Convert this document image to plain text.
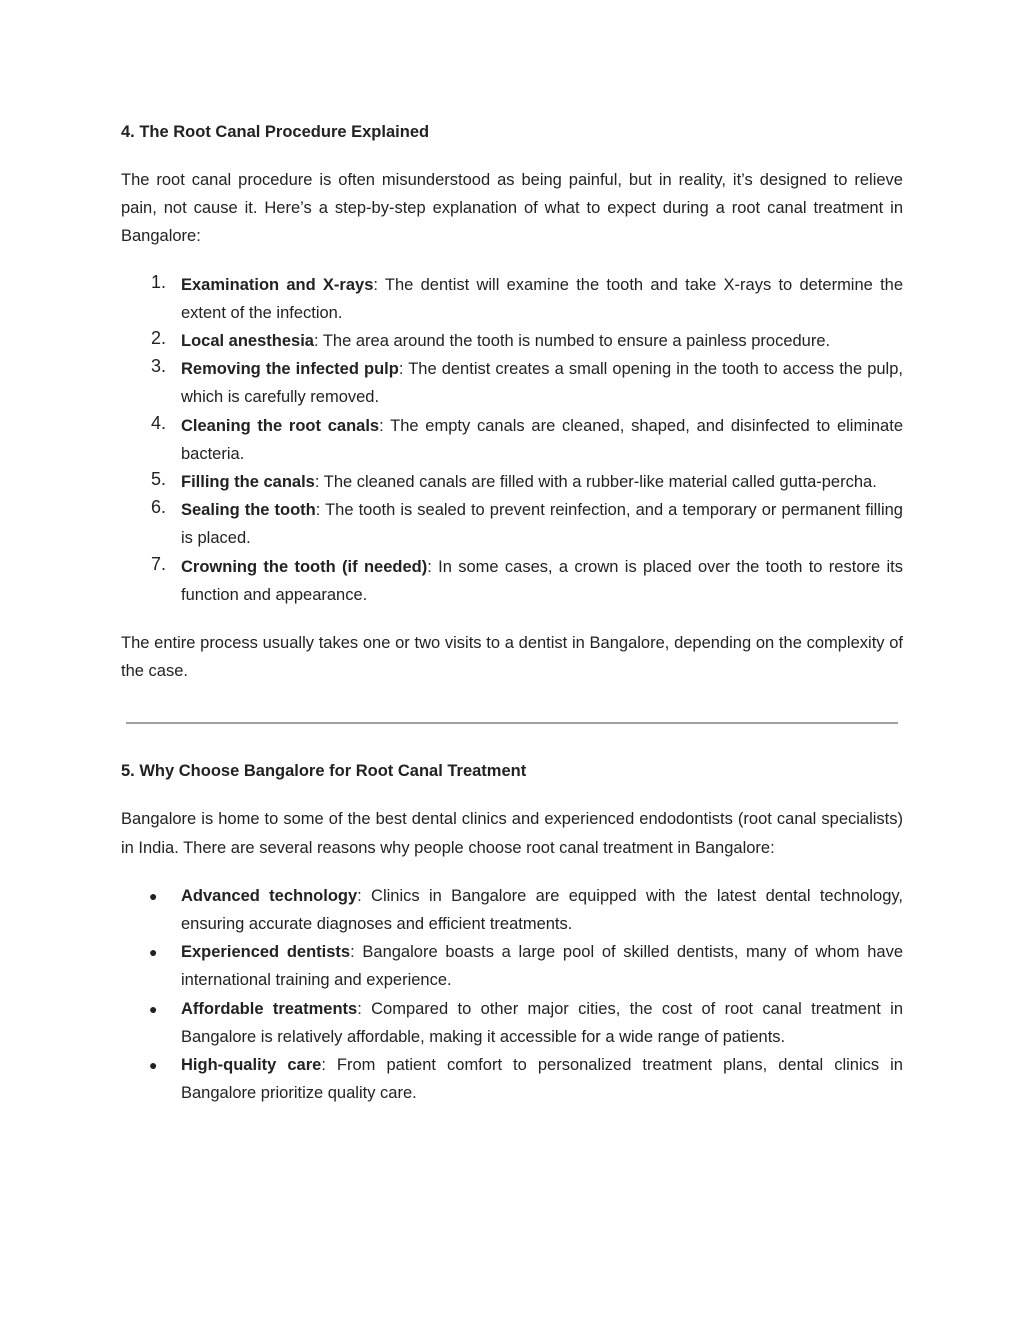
4. The Root Canal Procedure Explained

The root canal procedure is often misunderstood as being painful, but in reality, it’s designed to relieve pain, not cause it. Here’s a step-by-step explanation of what to expect during a root canal treatment in Bangalore:

1. Examination and X-rays: The dentist will examine the tooth and take X-rays to determine the extent of the infection.
2. Local anesthesia: The area around the tooth is numbed to ensure a painless procedure.
3. Removing the infected pulp: The dentist creates a small opening in the tooth to access the pulp, which is carefully removed.
4. Cleaning the root canals: The empty canals are cleaned, shaped, and disinfected to eliminate bacteria.
5. Filling the canals: The cleaned canals are filled with a rubber-like material called gutta-percha.
6. Sealing the tooth: The tooth is sealed to prevent reinfection, and a temporary or permanent filling is placed.
7. Crowning the tooth (if needed): In some cases, a crown is placed over the tooth to restore its function and appearance.

The entire process usually takes one or two visits to a dentist in Bangalore, depending on the complexity of the case.

5. Why Choose Bangalore for Root Canal Treatment

Bangalore is home to some of the best dental clinics and experienced endodontists (root canal specialists) in India. There are several reasons why people choose root canal treatment in Bangalore:

● Advanced technology: Clinics in Bangalore are equipped with the latest dental technology, ensuring accurate diagnoses and efficient treatments.
● Experienced dentists: Bangalore boasts a large pool of skilled dentists, many of whom have international training and experience.
● Affordable treatments: Compared to other major cities, the cost of root canal treatment in Bangalore is relatively affordable, making it accessible for a wide range of patients.
● High-quality care: From patient comfort to personalized treatment plans, dental clinics in Bangalore prioritize quality care.
